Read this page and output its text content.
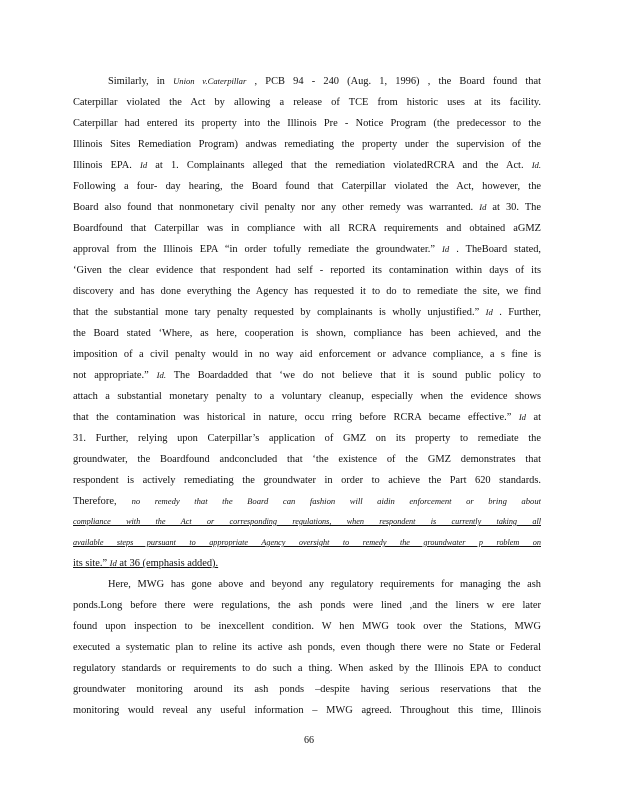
Similarly, in Union v.Caterpillar , PCB 94 - 240 (Aug. 1, 1996) , the Board found that
Caterpillar violated the Act by allowing a release of TCE from historic uses at its facility.
Caterpillar had entered its property into the Illinois Pre - Notice Program (the predecessor to the
Illinois Sites Remediation Program) andwas remediating the property under the supervision of the
Illinois EPA. Id at 1. Complainants alleged that the remediation violatedRCRA and the Act. Id.
Following a four- day hearing, the Board found that Caterpillar violated the Act, however, the
Board also found that nonmonetary civil penalty nor any other remedy was warranted. Id at 30. The
Boardfound that Caterpillar was in compliance with all RCRA requirements and obtained aGMZ
approval from the Illinois EPA “in order tofully remediate the groundwater.” Id . TheBoard stated,
‘Given the clear evidence that respondent had self - reported its contamination within days of its
discovery and has done everything the Agency has requested it to do to remediate the site, we find
that the substantial mone tary penalty requested by complainants is wholly unjustified.” Id . Further,
the Board stated ‘Where, as here, cooperation is shown, compliance has been achieved, and the
imposition of a civil penalty would in no way aid enforcement or advance compliance, a s fine is
not appropriate.” Id. The Boardadded that ‘we do not believe that it is sound public policy to
attach a substantial monetary penalty to a voluntary cleanup, especially when the evidence shows
that the contamination was historical in nature, occu rring before RCRA became effective.” Id at
31. Further, relying upon Caterpillar’s application of GMZ on its property to remediate the
groundwater, the Boardfound andconcluded that ‘the existence of the GMZ demonstrates that
respondent is actively remediating the groundwater in order to achieve the Part 620 standards.
Therefore, no remedy that the Board can fashion will aidin enforcement or bring about
compliance with the Act or corresponding regulations, when respondent is currently taking all
available steps pursuant to appropriate Agency oversight to remedy the groundwater p roblem on
its site.” Id at 36 (emphasis added).
Here, MWG has gone above and beyond any regulatory requirements for managing the ash
ponds.Long before there were regulations, the ash ponds were lined ,and the liners w ere later
found upon inspection to be inexcellent condition. W hen MWG took over the Stations, MWG
executed a systematic plan to reline its active ash ponds, even though there were no State or Federal
regulatory standards or requirements to do such a thing. When asked by the Illinois EPA to conduct
groundwater monitoring around its ash ponds –despite having serious reservations that the
monitoring would reveal any useful information – MWG agreed. Throughout this time, Illinois
66
